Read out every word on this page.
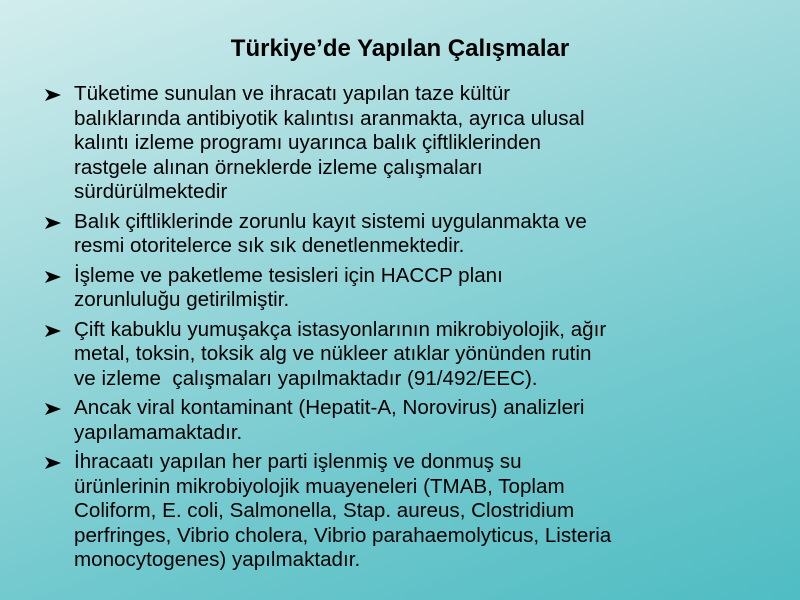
Türkiye’de Yapılan Çalışmalar
Tüketime sunulan ve ihracatı yapılan taze kültür
balıklarında antibiyotik kalıntısı aranmakta, ayrıca ulusal
kalıntı izleme programı uyarınca balık çiftliklerinden
rastgele alınan örneklerde izleme çalışmaları
sürdürülmektedir
Balık çiftliklerinde zorunlu kayıt sistemi uygulanmakta ve
resmi otoritelerce sık sık denetlenmektedir.
İşleme ve paketleme tesisleri için HACCP planı
zorunluluğu getirilmiştir.
Çift kabuklu yumuşakça istasyonlarının mikrobiyolojik, ağır
metal, toksin, toksik alg ve nükleer atıklar yönünden rutin
ve izleme  çalışmaları yapılmaktadır (91/492/EEC).
Ancak viral kontaminant (Hepatit-A, Norovirus) analizleri
yapılamamaktadır.
İhracaatı yapılan her parti işlenmiş ve donmuş su
ürünlerinin mikrobiyolojik muayeneleri (TMAB, Toplam
Coliform, E. coli, Salmonella, Stap. aureus, Clostridium
perfringes, Vibrio cholera, Vibrio parahaemolyticus, Listeria
monocytogenes) yapılmaktadır.
